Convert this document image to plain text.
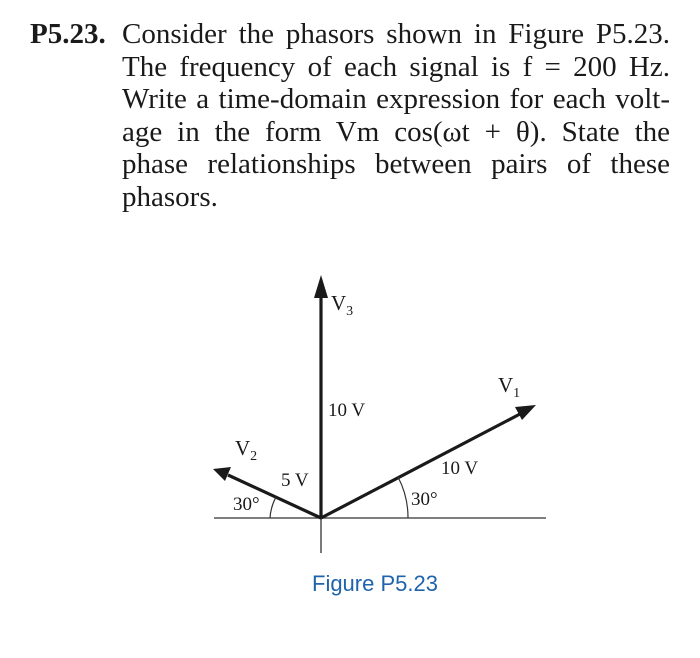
P5.23. Consider the phasors shown in Figure P5.23.
The frequency of each signal is f = 200 Hz.
Write a time-domain expression for each volt-
age in the form Vm cos(ωt + θ). State the
phase relationships between pairs of these
phasors.
$V_3$
10 V
$V_1$
10 V
30°
$V_2$
5 V
30°
Figure P5.23
